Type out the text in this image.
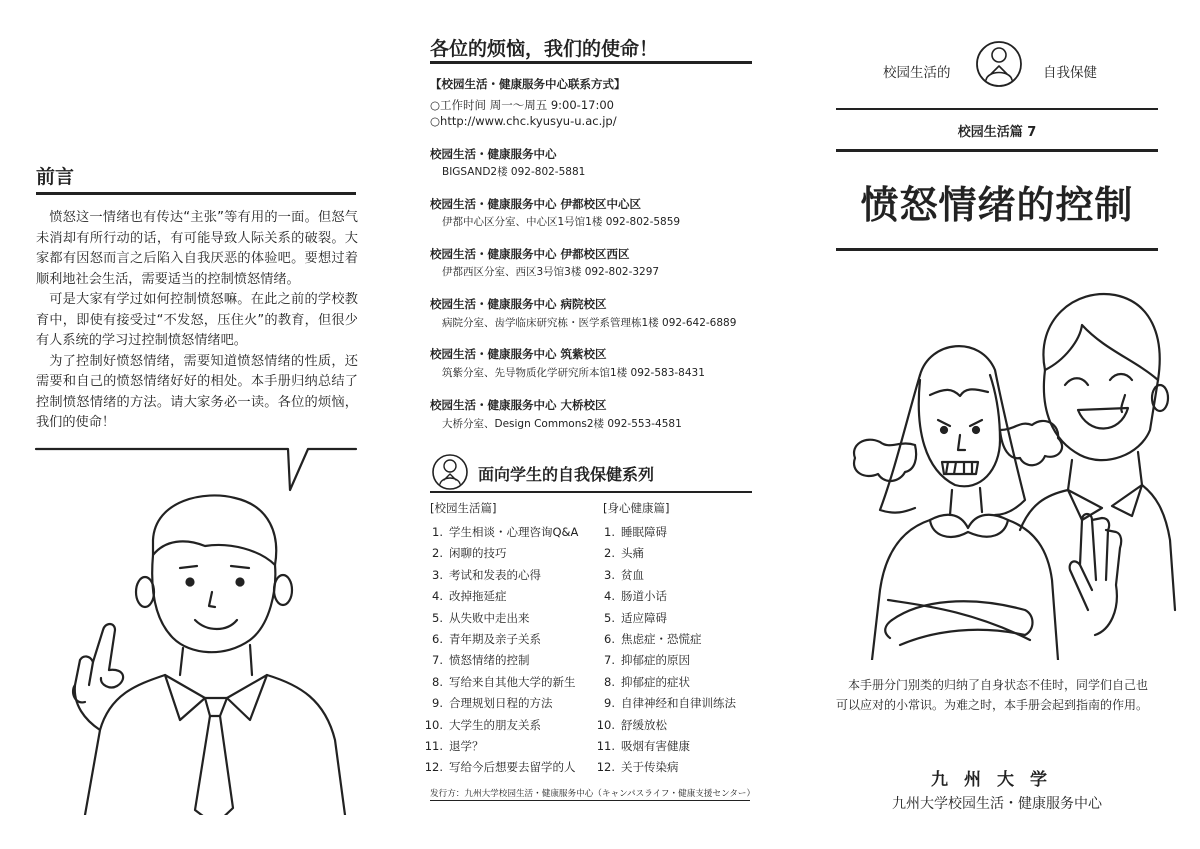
前言

愤怒这一情绪也有传达“主张”等有用的一面。但怒气未消却有所行动的话，有可能导致人际关系的破裂。大家都有因怒而言之后陷入自我厌恶的体验吧。要想过着顺利地社会生活，需要适当的控制愤怒情绪。

可是大家有学过如何控制愤怒嘛。在此之前的学校教育中，即使有接受过“不发怒，压住火”的教育，但很少有人系统的学习过控制愤怒情绪吧。

为了控制好愤怒情绪，需要知道愤怒情绪的性质，还需要和自己的愤怒情绪好好的相处。本手册归纳总结了控制愤怒情绪的方法。请大家务必一读。各位的烦恼，我们的使命！

各位的烦恼，我们的使命！
【校园生活・健康服务中心联系方式】
○工作时间 周一～周五 9:00-17:00
○http://www.chc.kyusyu-u.ac.jp/
校园生活・健康服务中心
BIGSAND2楼 092-802-5881
校园生活・健康服务中心 伊都校区中心区
伊都中心区分室、中心区1号馆1楼 092-802-5859
校园生活・健康服务中心 伊都校区西区
伊都西区分室、西区3号馆3楼 092-802-3297
校园生活・健康服务中心 病院校区
病院分室、齿学临床研究栋・医学系管理栋1楼 092-642-6889
校园生活・健康服务中心 筑紫校区
筑紫分室、先导物质化学研究所本馆1楼 092-583-8431
校园生活・健康服务中心 大桥校区
大桥分室、Design Commons2楼 092-553-4581
面向学生的自我保健系列
[校园生活篇]	[身心健康篇]
1. 学生相谈・心理咨询Q&A
2. 闲聊的技巧
3. 考试和发表的心得
4. 改掉拖延症
5. 从失败中走出来
6. 青年期及亲子关系
7. 愤怒情绪的控制
8. 写给来自其他大学的新生
9. 合理规划日程的方法
10. 大学生的朋友关系
11. 退学？
12. 写给今后想要去留学的人
1. 睡眠障碍
2. 头痛
3. 贫血
4. 肠道小话
5. 适应障碍
6. 焦虑症・恐慌症
7. 抑郁症的原因
8. 抑郁症的症状
9. 自律神经和自律训练法
10. 舒缓放松
11. 吸烟有害健康
12. 关于传染病
发行方：九州大学校园生活・健康服务中心（キャンパスライフ・健康支援センター）
校园生活的	自我保健
校园生活篇 7
愤怒情绪的控制
本手册分门别类的归纳了自身状态不佳时，同学们自己也可以应对的小常识。为难之时，本手册会起到指南的作用。
九州大学
九州大学校园生活・健康服务中心
